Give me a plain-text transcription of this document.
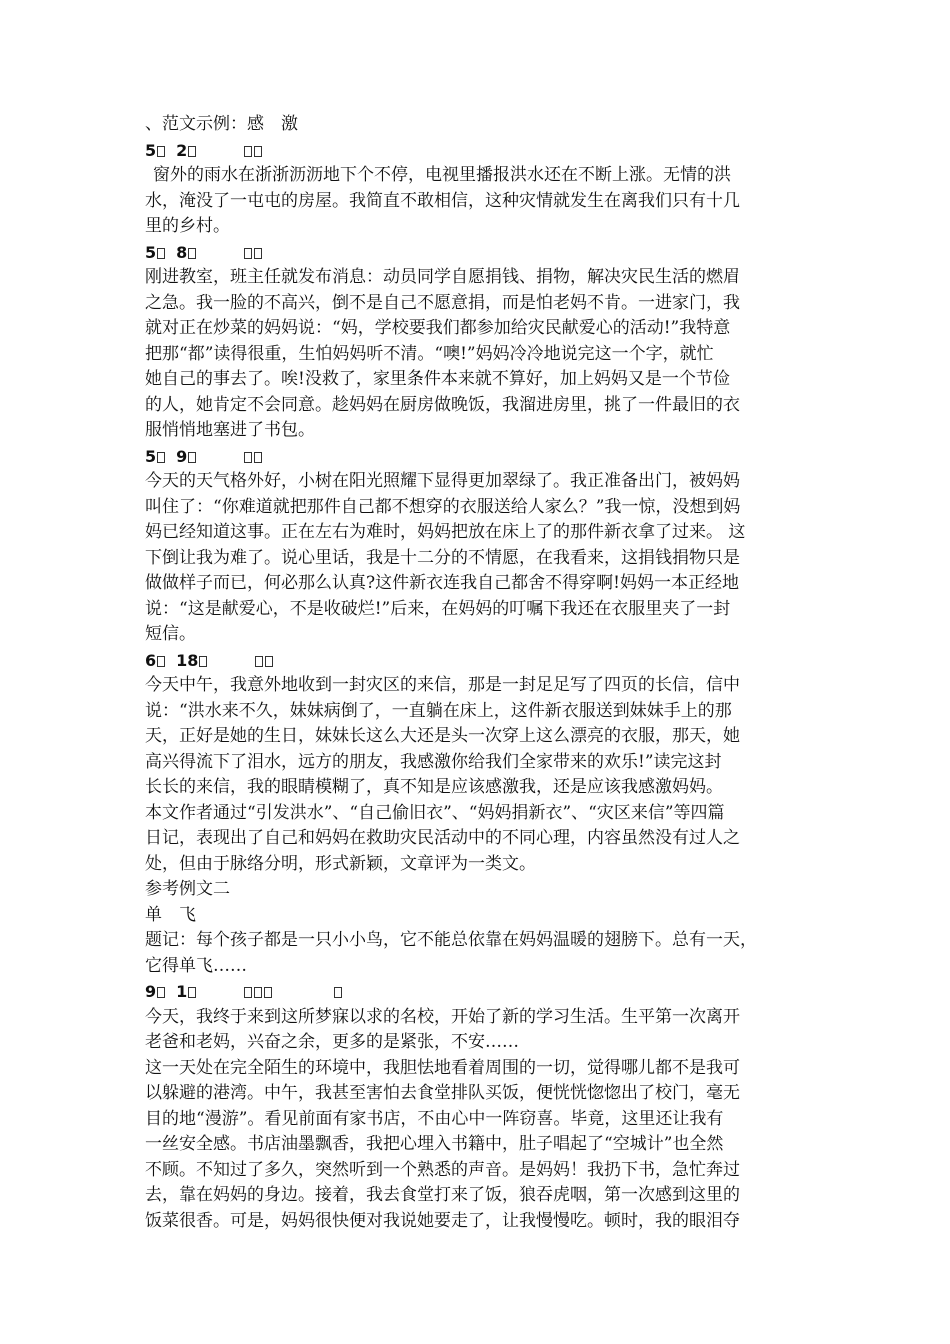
、范文示例：感　激
5 2
窗外的雨水在浙浙沥沥地下个不停，电视里播报洪水还在不断上涨。无情的洪
水，淹没了一屯屯的房屋。我简直不敢相信，这种灾情就发生在离我们只有十几
里的乡村。
5 8
刚进教室，班主任就发布消息：动员同学自愿捐钱、捐物，解决灾民生活的燃眉
之急。我一脸的不高兴，倒不是自己不愿意捐，而是怕老妈不肯。一进家门，我
就对正在炒菜的妈妈说：“妈，学校要我们都参加给灾民献爱心的活动!”我特意
把那“都”读得很重，生怕妈妈听不清。“噢!”妈妈冷冷地说完这一个字，就忙
她自己的事去了。唉!没救了，家里条件本来就不算好，加上妈妈又是一个节俭
的人，她肯定不会同意。趁妈妈在厨房做晚饭，我溜进房里，挑了一件最旧的衣
服悄悄地塞进了书包。
5 9
今天的天气格外好，小树在阳光照耀下显得更加翠绿了。我正准备出门，被妈妈
叫住了：“你难道就把那件自己都不想穿的衣服送给人家么？”我一惊，没想到妈
妈已经知道这事。正在左右为难时，妈妈把放在床上了的那件新衣拿了过来。 这
下倒让我为难了。说心里话，我是十二分的不情愿，在我看来，这捐钱捐物只是
做做样子而已，何必那么认真?这件新衣连我自己都舍不得穿啊!妈妈一本正经地
说：“这是献爱心，不是收破烂!”后来，在妈妈的叮嘱下我还在衣服里夹了一封
短信。
6 18
今天中午，我意外地收到一封灾区的来信，那是一封足足写了四页的长信，信中
说：“洪水来不久，妹妹病倒了，一直躺在床上，这件新衣服送到妹妹手上的那
天，正好是她的生日，妹妹长这么大还是头一次穿上这么漂亮的衣服，那天，她
高兴得流下了泪水，远方的朋友，我感激你给我们全家带来的欢乐!”读完这封
长长的来信，我的眼睛模糊了，真不知是应该感激我，还是应该我感激妈妈。
本文作者通过“引发洪水”、“自己偷旧衣”、“妈妈捐新衣”、“灾区来信”等四篇
日记，表现出了自己和妈妈在救助灾民活动中的不同心理，内容虽然没有过人之
处，但由于脉络分明，形式新颖，文章评为一类文。
参考例文二
单　飞
题记：每个孩子都是一只小小鸟，它不能总依靠在妈妈温暖的翅膀下。总有一天，
它得单飞……
9 1
今天，我终于来到这所梦寐以求的名校，开始了新的学习生活。生平第一次离开
老爸和老妈，兴奋之余，更多的是紧张，不安……
这一天处在完全陌生的环境中，我胆怯地看着周围的一切，觉得哪儿都不是我可
以躲避的港湾。中午，我甚至害怕去食堂排队买饭，便恍恍惚惚出了校门，毫无
目的地“漫游”。看见前面有家书店，不由心中一阵窃喜。毕竟，这里还让我有
一丝安全感。书店油墨飘香，我把心埋入书籍中，肚子唱起了“空城计”也全然
不顾。不知过了多久，突然听到一个熟悉的声音。是妈妈！我扔下书，急忙奔过
去，靠在妈妈的身边。接着，我去食堂打来了饭，狼吞虎咽，第一次感到这里的
饭菜很香。可是，妈妈很快便对我说她要走了，让我慢慢吃。顿时，我的眼泪夺
